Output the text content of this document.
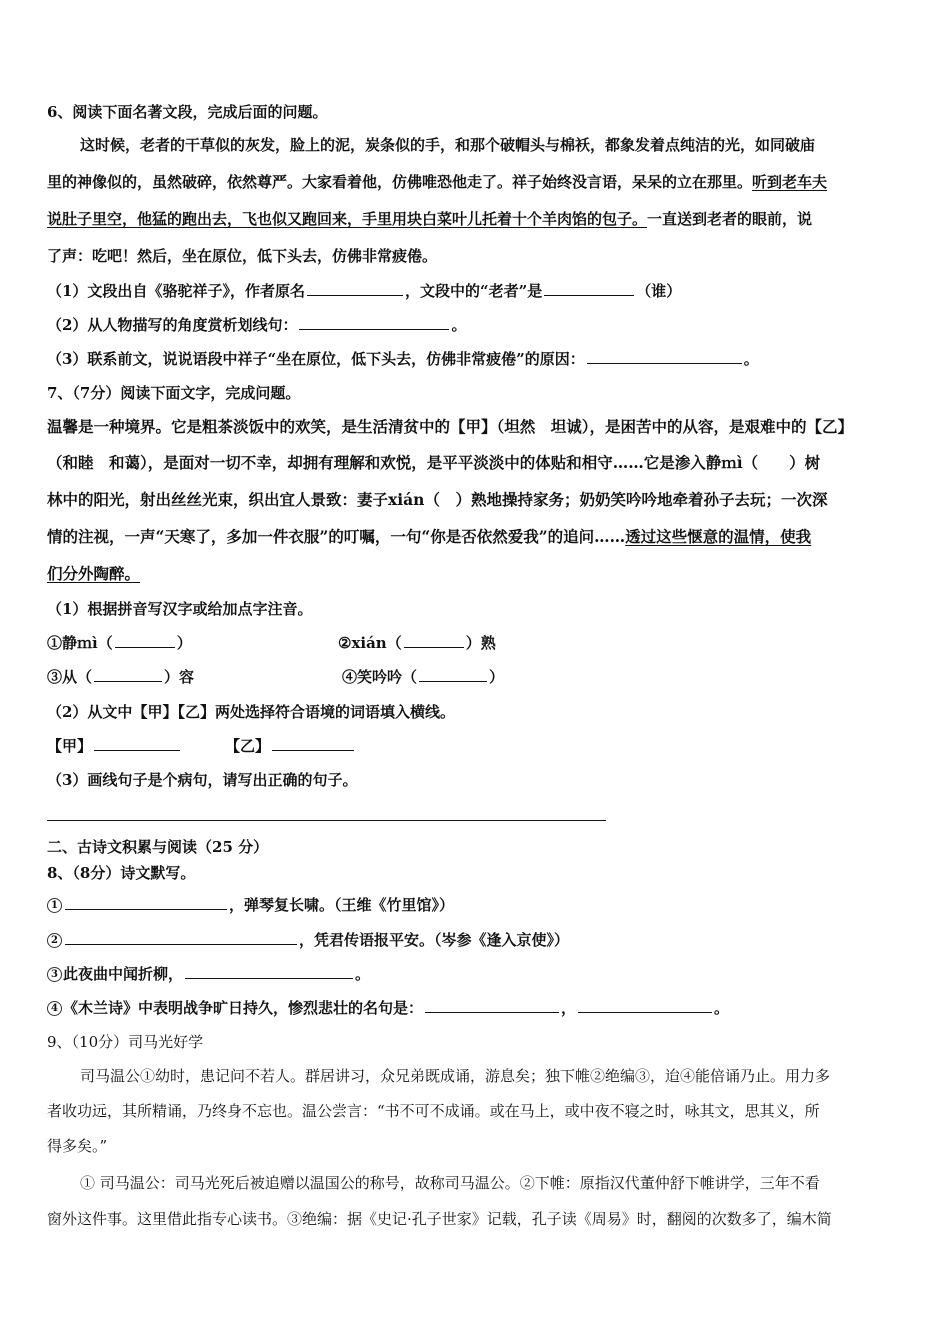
6、阅读下面名著文段，完成后面的问题。
这时候，老者的干草似的灰发，脸上的泥，炭条似的手，和那个破帽头与棉袄，都象发着点纯洁的光，如同破庙
里的神像似的，虽然破碎，依然尊严。大家看着他，仿佛唯恐他走了。祥子始终没言语，呆呆的立在那里。听到老车夫
说肚子里空，他猛的跑出去，飞也似又跑回来，手里用块白菜叶儿托着十个羊肉馅的包子。一直送到老者的眼前，说
了声：吃吧！然后，坐在原位，低下头去，仿佛非常疲倦。
（1）文段出自《骆驼祥子》，作者原名	，文段中的“老者”是	（谁）
（2）从人物描写的角度赏析划线句：	。
（3）联系前文，说说语段中祥子“坐在原位，低下头去，仿佛非常疲倦”的原因：	。
7、（7分）阅读下面文字，完成问题。
温馨是一种境界。它是粗茶淡饭中的欢笑，是生活清贫中的【甲】（坦然　坦诚），是困苦中的从容，是艰难中的【乙】
（和睦　和蔼），是面对一切不幸，却拥有理解和欢悦，是平平淡淡中的体贴和相守……它是渗入静ｍì（　　）树
林中的阳光，射出丝丝光束，织出宜人景致：妻子xián（　）熟地操持家务；奶奶笑吟吟地牵着孙子去玩；一次深
情的注视，一声“天寒了，多加一件衣服”的叮嘱，一句“你是否依然爱我”的追问……透过这些惬意的温情，使我
们分外陶醉。
（1）根据拼音写汉字或给加点字注音。
①静ｍì（	）	②xián（	）熟
③从（	）容	④笑吟吟（	）
（2）从文中【甲】【乙】两处选择符合语境的词语填入横线。
【甲】	【乙】
（3）画线句子是个病句，请写出正确的句子。
二、古诗文积累与阅读（25 分）
8、（8分）诗文默写。
1	，弹琴复长啸。（王维《竹里馆》）
2	，凭君传语报平安。（岑参《逢入京使》）
3 此夜曲中闻折柳，	。
4 《木兰诗》中表明战争旷日持久，惨烈悲壮的名句是：	，	。
9、（10分）司马光好学
司马温公①幼时，患记问不若人。群居讲习，众兄弟既成诵，游息矣；独下帷②绝编③，迨④能倍诵乃止。用力多
者收功远，其所精诵，乃终身不忘也。温公尝言：“书不可不成诵。或在马上，或中夜不寝之时，咏其文，思其义，所
得多矣。”
① 司马温公：司马光死后被追赠以温国公的称号，故称司马温公。②下帷：原指汉代董仲舒下帷讲学，三年不看
窗外这件事。这里借此指专心读书。③绝编：据《史记·孔子世家》记载，孔子读《周易》时，翻阅的次数多了，编木简
